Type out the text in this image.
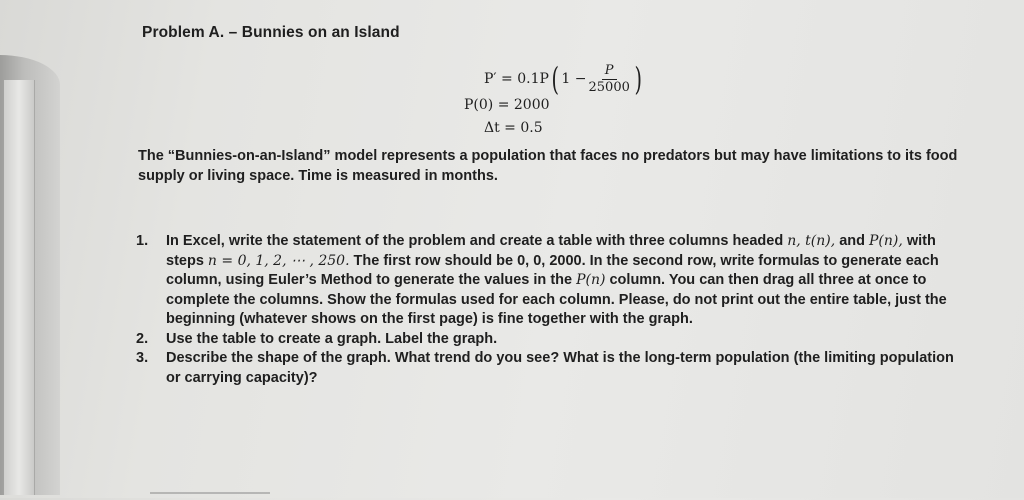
Problem A. – Bunnies on an Island
P′ = 0.1P ( $1 - \frac{P}{25000}$ )
P(0) = 2000
Δt = 0.5
The “Bunnies-on-an-Island” model represents a population that faces no predators but may have limitations to its food supply or living space. Time is measured in months.
1. In Excel, write the statement of the problem and create a table with three columns headed n, t(n), and P(n), with steps n = 0, 1, 2, ⋯ , 250. The first row should be 0, 0, 2000. In the second row, write formulas to generate each column, using Euler’s Method to generate the values in the P(n) column. You can then drag all three at once to complete the columns. Show the formulas used for each column. Please, do not print out the entire table, just the beginning (whatever shows on the first page) is fine together with the graph.
2. Use the table to create a graph. Label the graph.
3. Describe the shape of the graph. What trend do you see? What is the long-term population (the limiting population or carrying capacity)?
